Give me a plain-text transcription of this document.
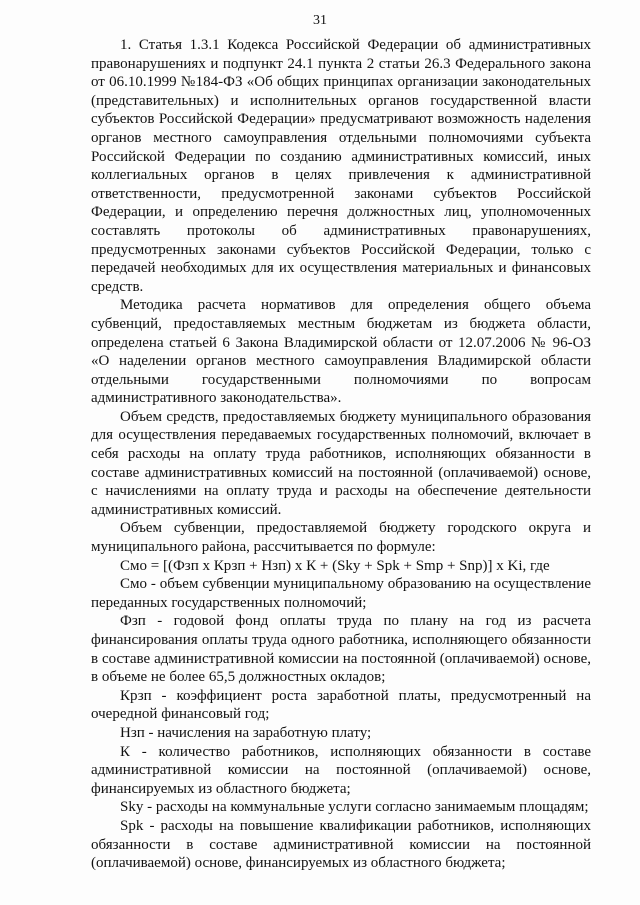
31

1. Статья 1.3.1 Кодекса Российской Федерации об административных правонарушениях и подпункт 24.1 пункта 2 статьи 26.3 Федерального закона от 06.10.1999 №184-ФЗ «Об общих принципах организации законодательных (представительных) и исполнительных органов государственной власти субъектов Российской Федерации» предусматривают возможность наделения органов местного самоуправления отдельными полномочиями субъекта Российской Федерации по созданию административных комиссий, иных коллегиальных органов в целях привлечения к административной ответственности, предусмотренной законами субъектов Российской Федерации, и определению перечня должностных лиц, уполномоченных составлять протоколы об административных правонарушениях, предусмотренных законами субъектов Российской Федерации, только с передачей необходимых для их осуществления материальных и финансовых средств.

Методика расчета нормативов для определения общего объема субвенций, предоставляемых местным бюджетам из бюджета области, определена статьей 6 Закона Владимирской области от 12.07.2006 № 96-ОЗ «О наделении органов местного самоуправления Владимирской области отдельными государственными полномочиями по вопросам административного законодательства».

Объем средств, предоставляемых бюджету муниципального образования для осуществления передаваемых государственных полномочий, включает в себя расходы на оплату труда работников, исполняющих обязанности в составе административных комиссий на постоянной (оплачиваемой) основе, с начислениями на оплату труда и расходы на обеспечение деятельности административных комиссий.

Объем субвенции, предоставляемой бюджету городского округа и муниципального района, рассчитывается по формуле:

Смо = [(Фзп х Крзп + Нзп) х К + (Sky + Spk + Smp + Snp)] х Ki, где

Смо - объем субвенции муниципальному образованию на осуществление переданных государственных полномочий;

Фзп - годовой фонд оплаты труда по плану на год из расчета финансирования оплаты труда одного работника, исполняющего обязанности в составе административной комиссии на постоянной (оплачиваемой) основе, в объеме не более 65,5 должностных окладов;

Крзп - коэффициент роста заработной платы, предусмотренный на очередной финансовый год;

Нзп - начисления на заработную плату;

К - количество работников, исполняющих обязанности в составе административной комиссии на постоянной (оплачиваемой) основе, финансируемых из областного бюджета;

Sky - расходы на коммунальные услуги согласно занимаемым площадям;

Spk - расходы на повышение квалификации работников, исполняющих обязанности в составе административной комиссии на постоянной (оплачиваемой) основе, финансируемых из областного бюджета;
